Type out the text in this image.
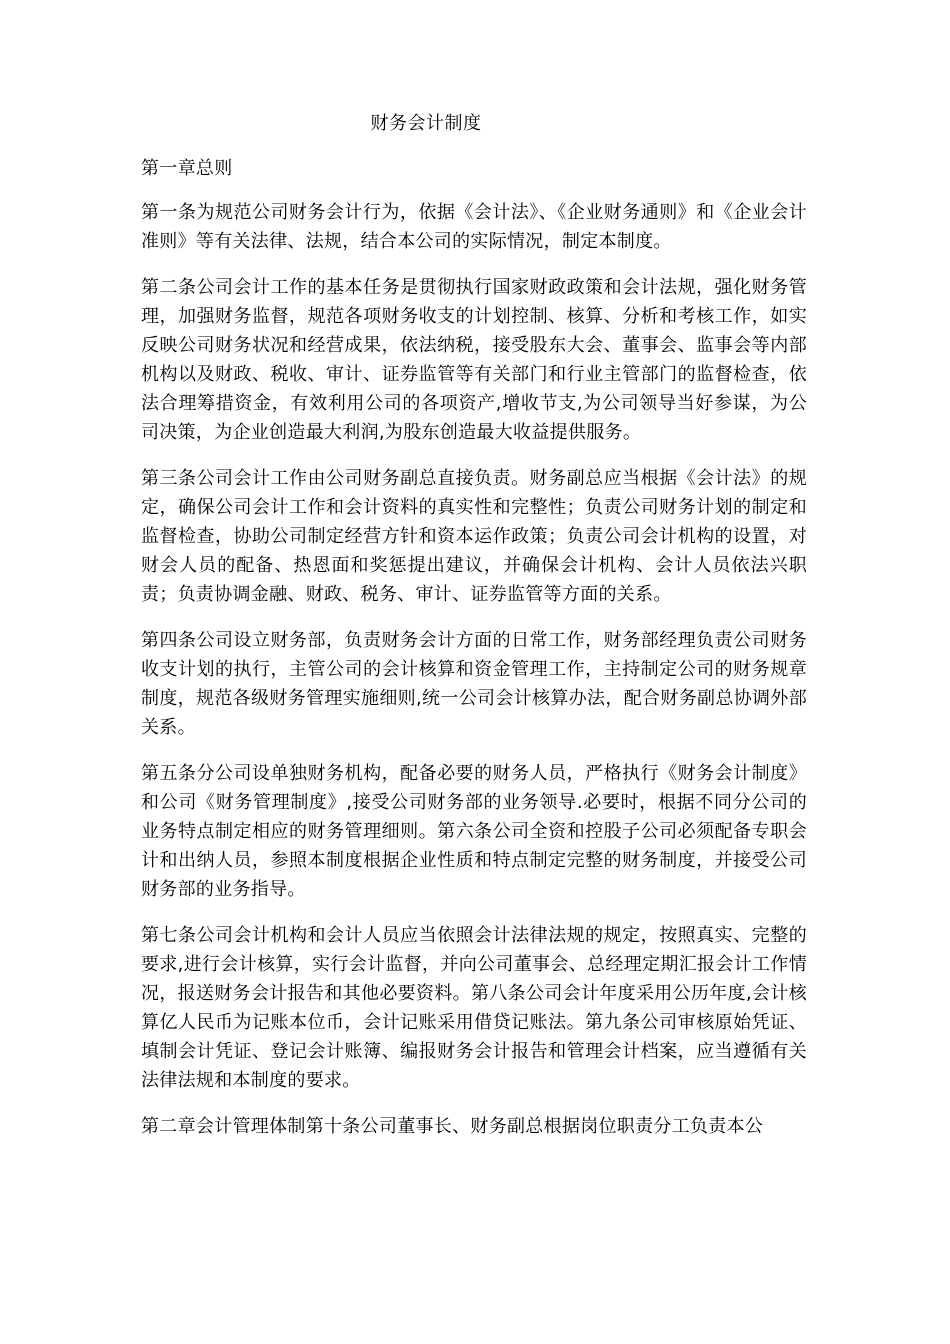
财务会计制度

第一章总则

第一条为规范公司财务会计行为，依据《会计法》、《企业财务通则》和《企业会计准则》等有关法律、法规，结合本公司的实际情况，制定本制度。

第二条公司会计工作的基本任务是贯彻执行国家财政政策和会计法规，强化财务管理，加强财务监督，规范各项财务收支的计划控制、核算、分析和考核工作，如实反映公司财务状况和经营成果，依法纳税，接受股东大会、董事会、监事会等内部机构以及财政、税收、审计、证券监管等有关部门和行业主管部门的监督检查，依法合理筹措资金，有效利用公司的各项资产,增收节支,为公司领导当好参谋，为公司决策，为企业创造最大利润,为股东创造最大收益提供服务。

第三条公司会计工作由公司财务副总直接负责。财务副总应当根据《会计法》的规定，确保公司会计工作和会计资料的真实性和完整性；负责公司财务计划的制定和监督检查，协助公司制定经营方针和资本运作政策；负责公司会计机构的设置，对财会人员的配备、热恩面和奖惩提出建议，并确保会计机构、会计人员依法兴职责；负责协调金融、财政、税务、审计、证券监管等方面的关系。

第四条公司设立财务部，负责财务会计方面的日常工作，财务部经理负责公司财务收支计划的执行，主管公司的会计核算和资金管理工作，主持制定公司的财务规章制度，规范各级财务管理实施细则,统一公司会计核算办法，配合财务副总协调外部关系。

第五条分公司设单独财务机构，配备必要的财务人员，严格执行《财务会计制度》和公司《财务管理制度》,接受公司财务部的业务领导.必要时，根据不同分公司的业务特点制定相应的财务管理细则。第六条公司全资和控股子公司必须配备专职会计和出纳人员，参照本制度根据企业性质和特点制定完整的财务制度，并接受公司财务部的业务指导。

第七条公司会计机构和会计人员应当依照会计法律法规的规定，按照真实、完整的要求,进行会计核算，实行会计监督，并向公司董事会、总经理定期汇报会计工作情况，报送财务会计报告和其他必要资料。第八条公司会计年度采用公历年度,会计核算亿人民币为记账本位币，会计记账采用借贷记账法。第九条公司审核原始凭证、填制会计凭证、登记会计账簿、编报财务会计报告和管理会计档案，应当遵循有关法律法规和本制度的要求。

第二章会计管理体制第十条公司董事长、财务副总根据岗位职责分工负责本公
